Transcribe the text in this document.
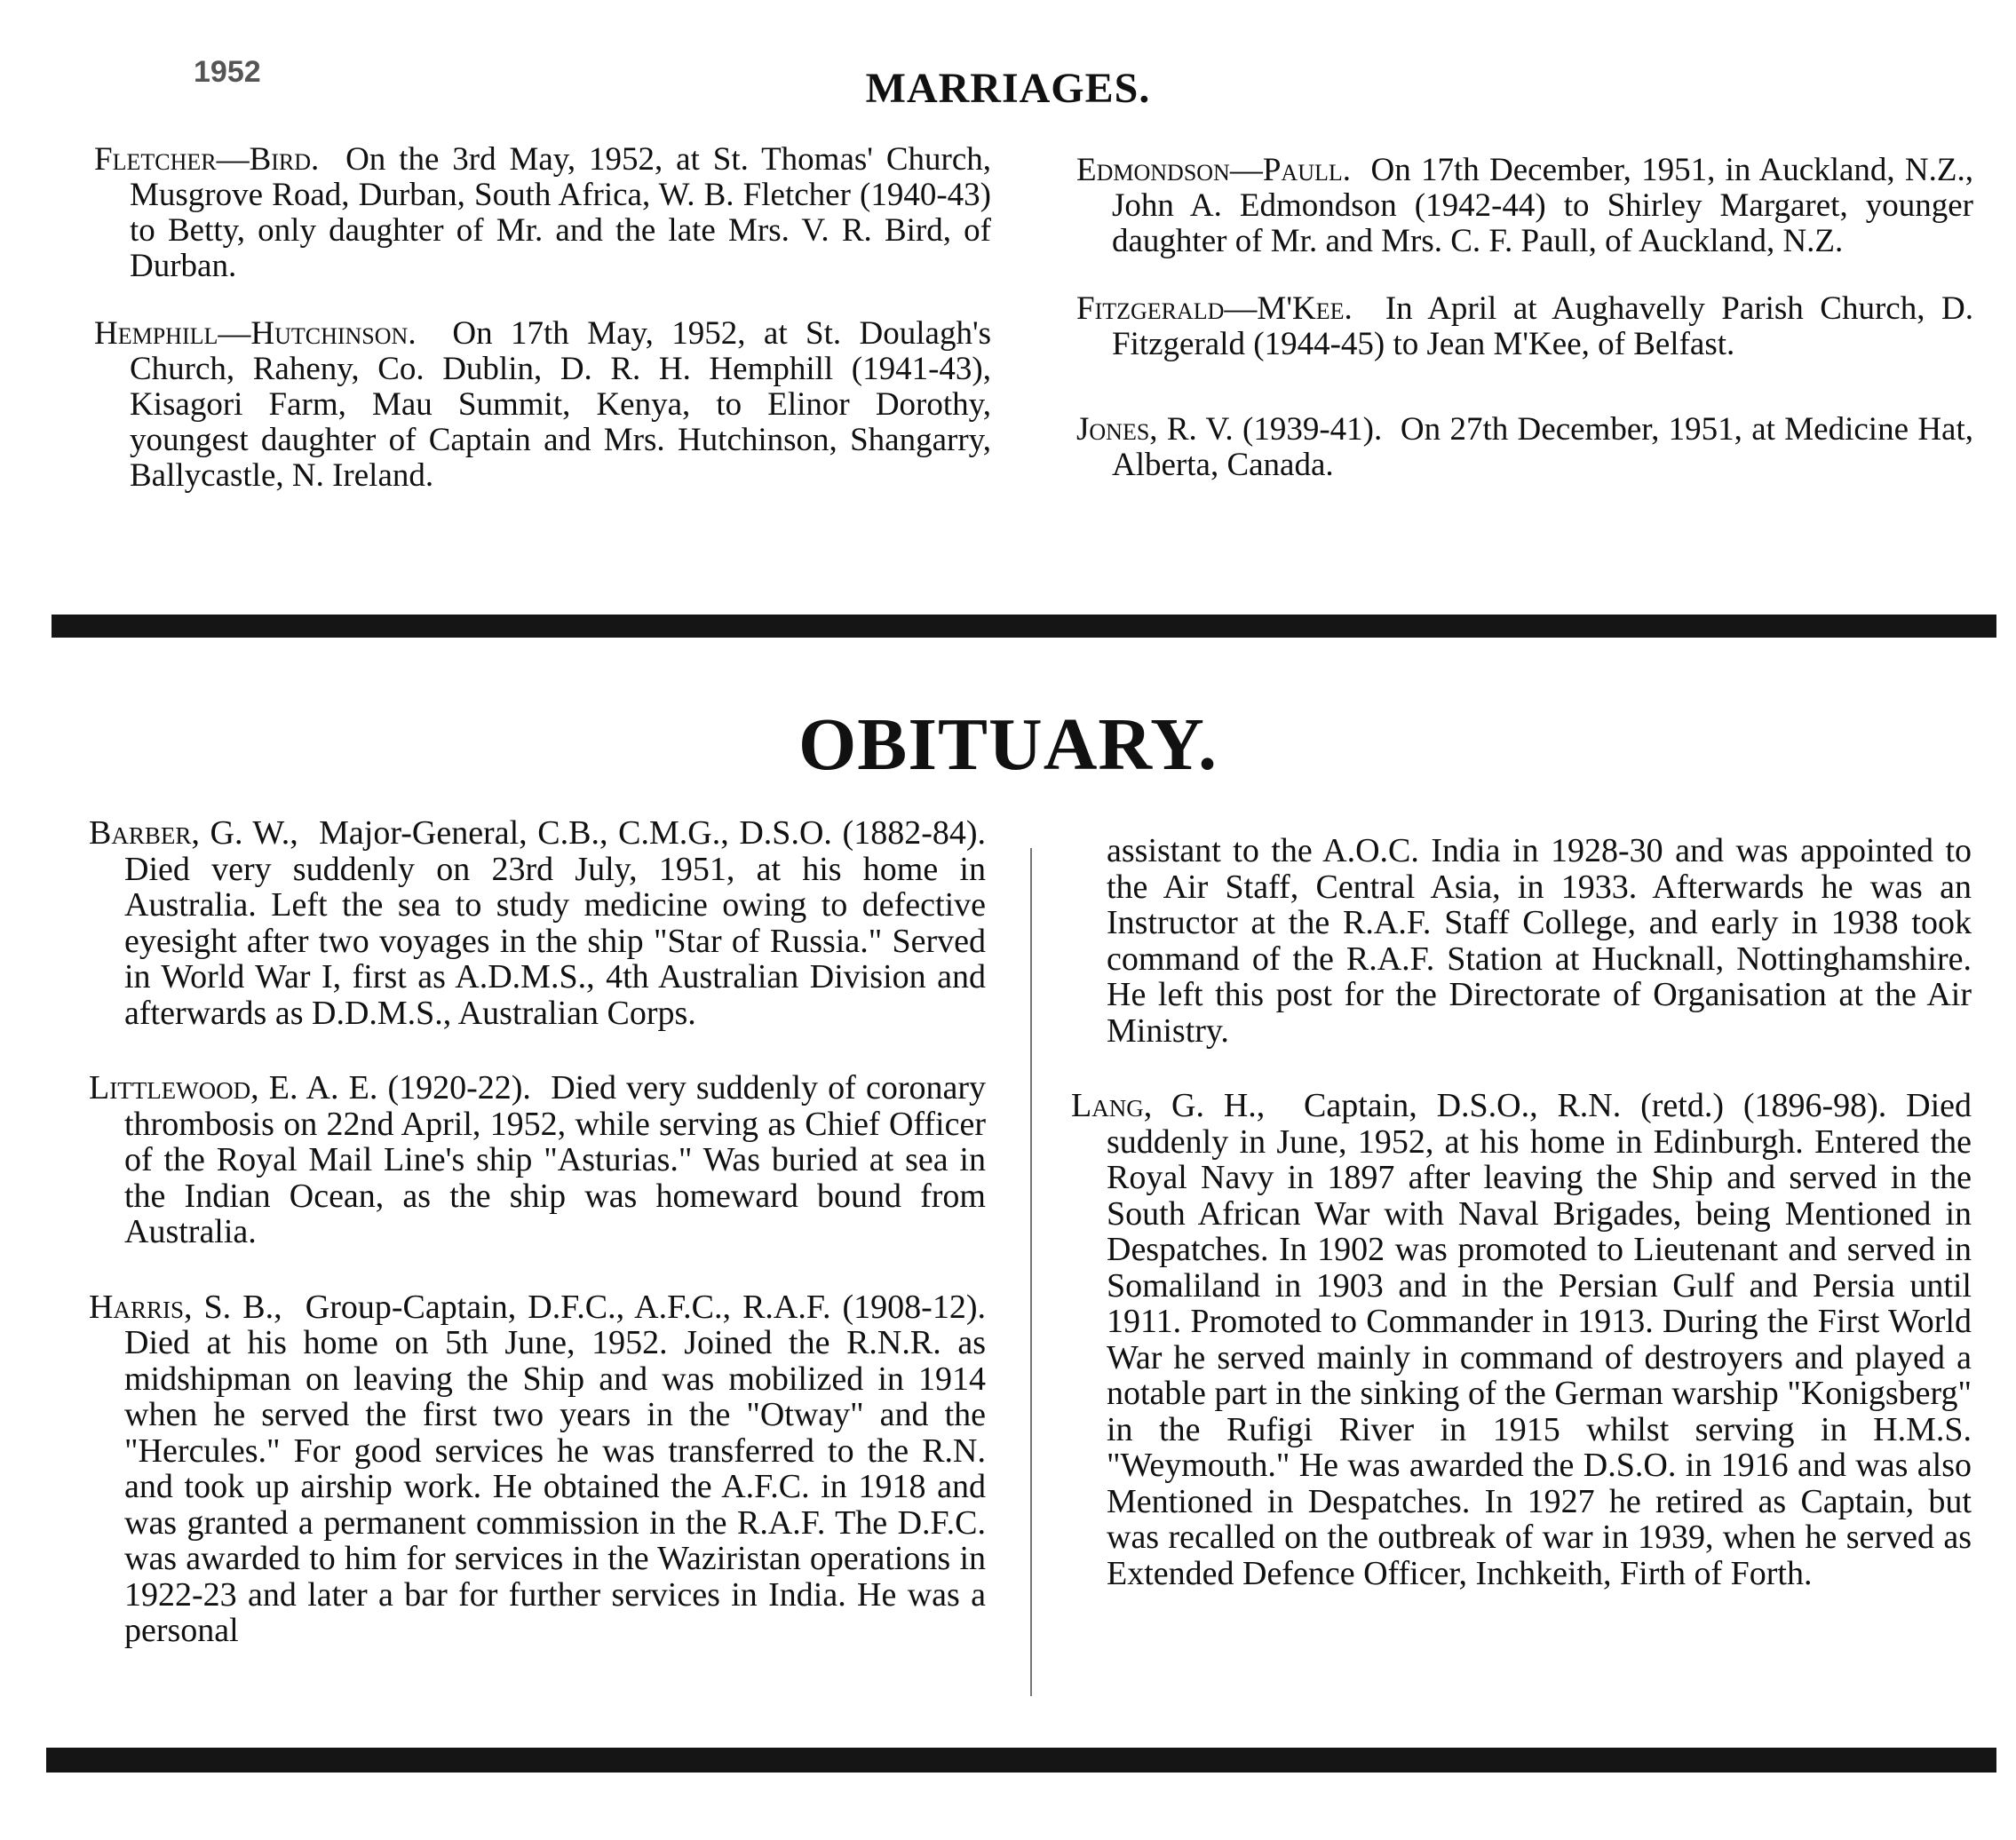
1952	MARRIAGES.

Fletcher—Bird. On the 3rd May, 1952, at St. Thomas' Church, Musgrove Road, Durban, South Africa, W. B. Fletcher (1940-43) to Betty, only daughter of Mr. and the late Mrs. V. R. Bird, of Durban.

Hemphill—Hutchinson. On 17th May, 1952, at St. Doulagh's Church, Raheny, Co. Dublin, D. R. H. Hemphill (1941-43), Kisagori Farm, Mau Summit, Kenya, to Elinor Dorothy, youngest daughter of Captain and Mrs. Hutchinson, Shangarry, Ballycastle, N. Ireland.

Edmondson—Paull. On 17th December, 1951, in Auckland, N.Z., John A. Edmondson (1942-44) to Shirley Margaret, younger daughter of Mr. and Mrs. C. F. Paull, of Auckland, N.Z.

Fitzgerald—M'Kee. In April at Aughavelly Parish Church, D. Fitzgerald (1944-45) to Jean M'Kee, of Belfast.

Jones, R. V. (1939-41). On 27th December, 1951, at Medicine Hat, Alberta, Canada.

OBITUARY.

Barber, G. W., Major-General, C.B., C.M.G., D.S.O. (1882-84). Died very suddenly on 23rd July, 1951, at his home in Australia. Left the sea to study medicine owing to defective eyesight after two voyages in the ship "Star of Russia." Served in World War I, first as A.D.M.S., 4th Australian Division and afterwards as D.D.M.S., Australian Corps.

Littlewood, E. A. E. (1920-22). Died very suddenly of coronary thrombosis on 22nd April, 1952, while serving as Chief Officer of the Royal Mail Line's ship "Asturias." Was buried at sea in the Indian Ocean, as the ship was homeward bound from Australia.

Harris, S. B., Group-Captain, D.F.C., A.F.C., R.A.F. (1908-12). Died at his home on 5th June, 1952. Joined the R.N.R. as midshipman on leaving the Ship and was mobilized in 1914 when he served the first two years in the "Otway" and the "Hercules." For good services he was transferred to the R.N. and took up airship work. He obtained the A.F.C. in 1918 and was granted a permanent commission in the R.A.F. The D.F.C. was awarded to him for services in the Waziristan operations in 1922-23 and later a bar for further services in India. He was a personal

assistant to the A.O.C. India in 1928-30 and was appointed to the Air Staff, Central Asia, in 1933. Afterwards he was an Instructor at the R.A.F. Staff College, and early in 1938 took command of the R.A.F. Station at Hucknall, Nottinghamshire. He left this post for the Directorate of Organisation at the Air Ministry.

Lang, G. H., Captain, D.S.O., R.N. (retd.) (1896-98). Died suddenly in June, 1952, at his home in Edinburgh. Entered the Royal Navy in 1897 after leaving the Ship and served in the South African War with Naval Brigades, being Mentioned in Despatches. In 1902 was promoted to Lieutenant and served in Somaliland in 1903 and in the Persian Gulf and Persia until 1911. Promoted to Commander in 1913. During the First World War he served mainly in command of destroyers and played a notable part in the sinking of the German warship "Konigsberg" in the Rufigi River in 1915 whilst serving in H.M.S. "Weymouth." He was awarded the D.S.O. in 1916 and was also Mentioned in Despatches. In 1927 he retired as Captain, but was recalled on the outbreak of war in 1939, when he served as Extended Defence Officer, Inchkeith, Firth of Forth.
